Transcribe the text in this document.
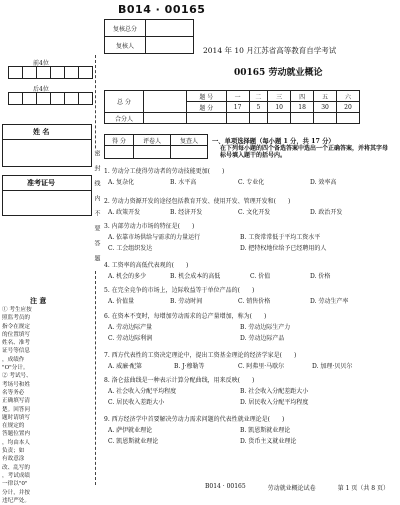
B014 · 00165
前4位
后4位
姓 名
准考证号	密封线内不要答题
注 意
① 考生应按
照监考员的
指令在规定
的位置填写
姓名、准考
证号等信息
，成绩作
"O"分计。
② 考试号、
考场号和姓
名等务必
正确填写清
楚。回答问
题时请填写
在规定的
答题位置内
，均由本人
负责；如
有故意涂
改、乱写的
，考试成绩
一律以"0"
分计，并按
违纪严处。
复核总分	
复核人		2014 年 10 月江苏省高等教育自学考试
00165 劳动就业概论
总 分		题 号	一	二	三	四	五	六
		题 分	17	5	10	18	30	20
合分人								
得 分	评卷人	复查人
		一、单项选择题（每小题 1 分，共 17 分）
在下列每小题的四个备选答案中选出一个正确答案，并将其字母标号填入题干的括号内。
1. 劳动分工使得劳动者的劳动技能更加(　　)
A. 复杂化	B. 水平高	C. 专业化	D. 效率高
2. 劳动力资源开发的途径包括教育开发、使用开发、管理开发和(　　)
A. 政策开发	B. 经济开发	C. 文化开发	D. 政治开发
3. 内部劳动力市场的特征是(　　)
A. 依靠市场供给与需求的力量运行	B. 工资常常低于平均工资水平
C. 工会组织发达	D. 把特权地位给予已经聘用的人
4. 工资率的高低代表观的(　　)
A. 机会的多少	B. 机会成本的高低	C. 价值	D. 价格
5. 在完全竞争的市场上，边际收益等于单位产品的(　　)
A. 价值量	B. 劳动时间	C. 销售价格	D. 劳动生产率
6. 在资本不变时，每增加劳动需求的总产量增加，称为(　　)
A. 劳动边际产量	B. 劳动边际生产力
C. 劳动边际利润	D. 劳动边际产品
7. 西方代表性的工资决定理论中，提出工资基金理论的经济学家是(　　)
A. 威廉·配第	B. J·穆勒等	C. 阿弗里·马歇尔	D. 加理·贝贝尔
8. 洛仑兹曲线是一种表示计算分配曲线，用来反映(　　)
A. 社会收入分配平均程度	B. 社会收入分配差距大小
C. 居民收入差距大小	D. 居民收入分配平均程度
9. 西方经济学中首要解决劳动力需求问题的代表性就业理论是(　　)
A. 萨伊就业理论	B. 凯恩斯就业理论
C. 凯恩斯就业理论	D. 货币主义就业理论
B014 · 00165	劳动就业概论试卷	第 1 页（共 8 页）
